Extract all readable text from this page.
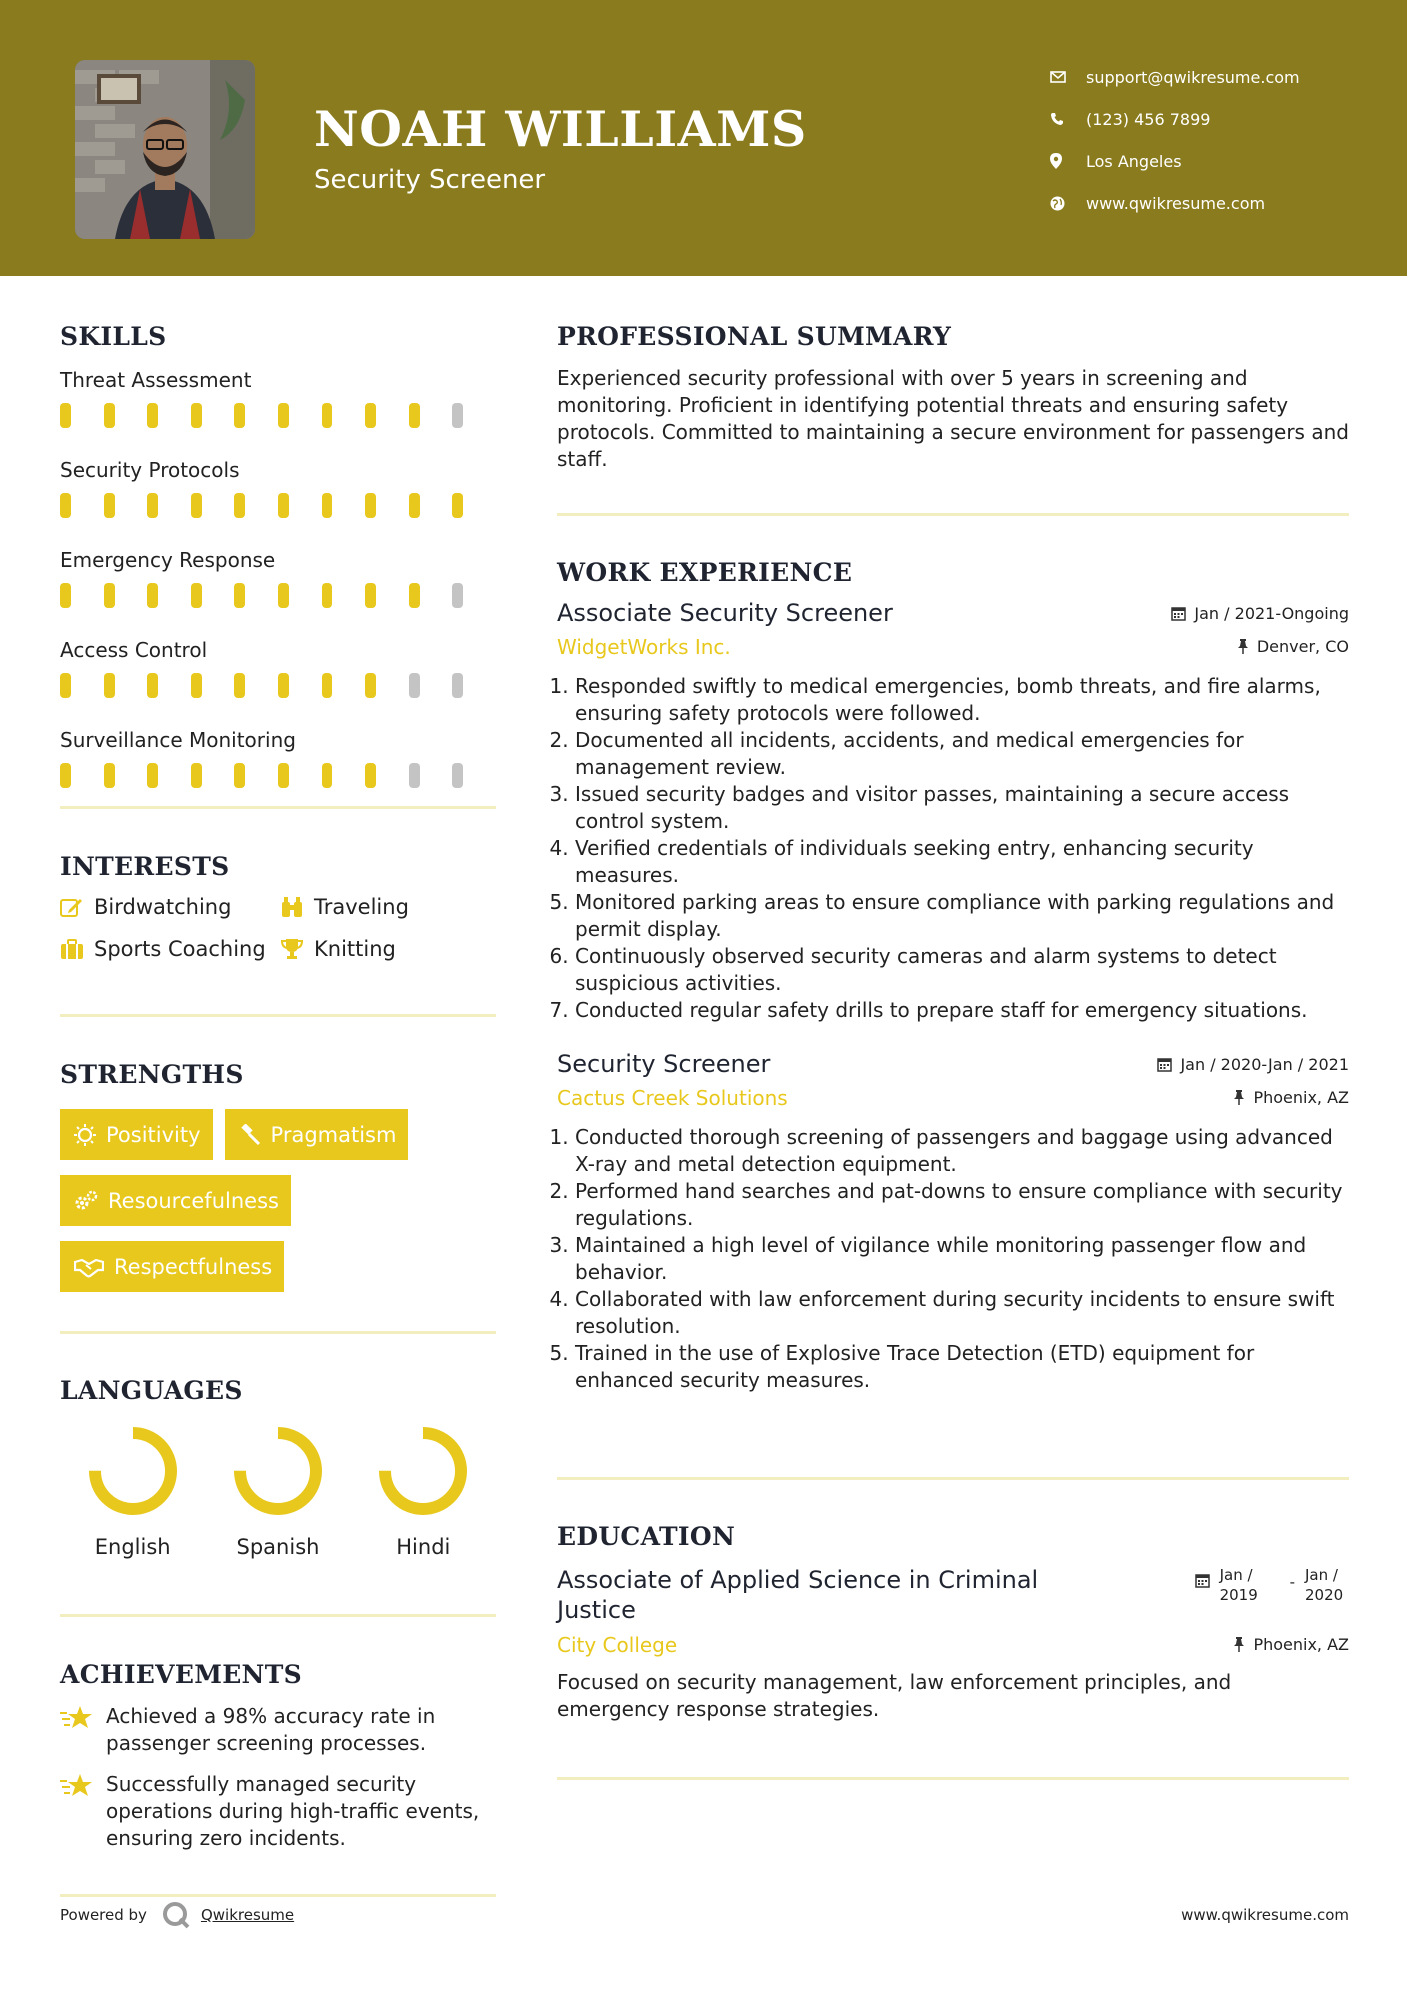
NOAH WILLIAMS
Security Screener
support@qwikresume.com
(123) 456 7899
Los Angeles
www.qwikresume.com
SKILLS
Threat Assessment
Security Protocols
Emergency Response
Access Control
Surveillance Monitoring
INTERESTS
Birdwatching	Traveling
Sports Coaching Knitting
STRENGTHS
Positivity	Pragmatism
Resourcefulness
Respectfulness
LANGUAGES
English	Spanish	Hindi
ACHIEVEMENTS
Achieved a 98% accuracy rate in passenger screening processes.
Successfully managed security operations during high-traffic events, ensuring zero incidents.
PROFESSIONAL SUMMARY

Experienced security professional with over 5 years in screening and monitoring. Proficient in identifying potential threats and ensuring safety protocols. Committed to maintaining a secure environment for passengers and staff.

WORK EXPERIENCE
Associate Security Screener	Jan / 2021-Ongoing
WidgetWorks Inc.	Denver, CO
1. Responded swiftly to medical emergencies, bomb threats, and fire alarms, ensuring safety protocols were followed.
2. Documented all incidents, accidents, and medical emergencies for management review.
3. Issued security badges and visitor passes, maintaining a secure access control system.
4. Verified credentials of individuals seeking entry, enhancing security measures.
5. Monitored parking areas to ensure compliance with parking regulations and permit display.
6. Continuously observed security cameras and alarm systems to detect suspicious activities.
7. Conducted regular safety drills to prepare staff for emergency situations.
Security Screener	Jan / 2020-Jan / 2021
Cactus Creek Solutions	Phoenix, AZ
1. Conducted thorough screening of passengers and baggage using advanced X-ray and metal detection equipment.
2. Performed hand searches and pat-downs to ensure compliance with security regulations.
3. Maintained a high level of vigilance while monitoring passenger flow and behavior.
4. Collaborated with law enforcement during security incidents to ensure swift resolution.
5. Trained in the use of Explosive Trace Detection (ETD) equipment for enhanced security measures.
EDUCATION
Associate of Applied Science in Criminal Justice
Jan / 2019
- Jan / 2020
City College	Phoenix, AZ

Focused on security management, law enforcement principles, and emergency response strategies.

Powered by	Qwikresume	www.qwikresume.com
